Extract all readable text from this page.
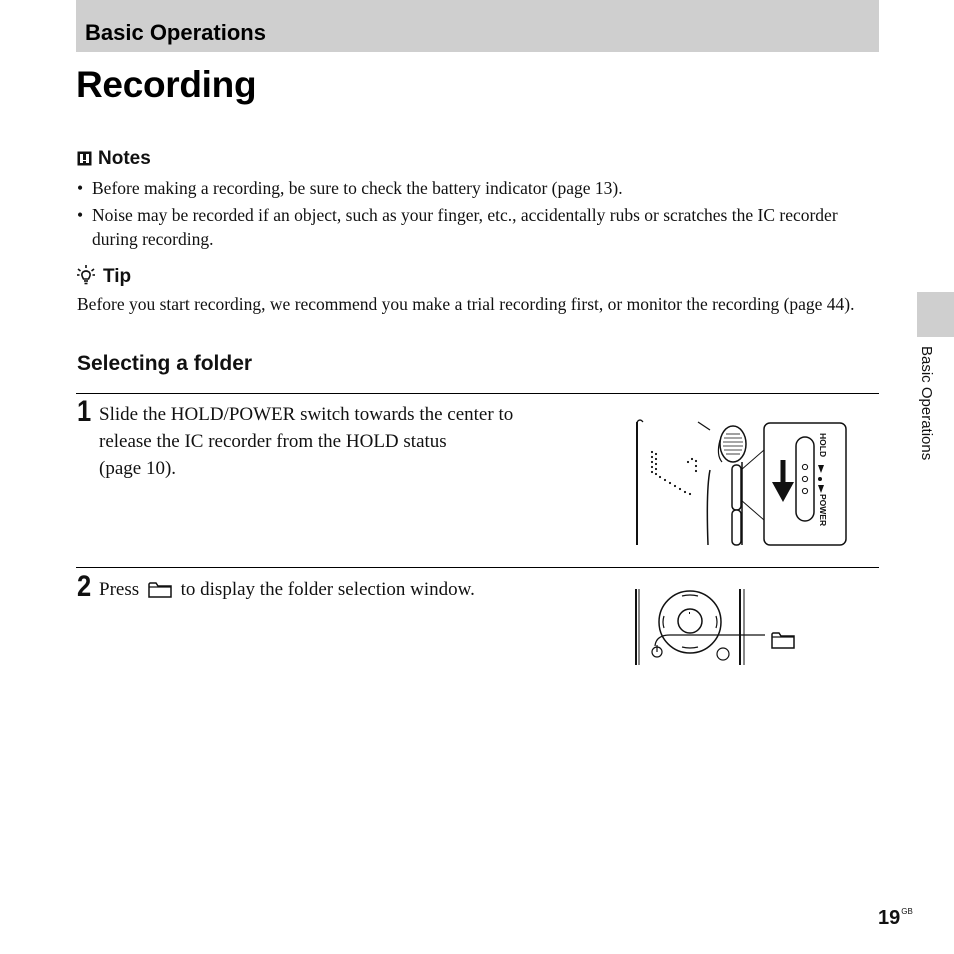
Basic Operations
Recording
Notes
• Before making a recording, be sure to check the battery indicator (page 13).
• Noise may be recorded if an object, such as your finger, etc., accidentally rubs or scratches the IC recorder during recording.
Tip
Before you start recording, we recommend you make a trial recording first, or monitor the recording (page 44).
Selecting a folder
1 Slide the HOLD/POWER switch towards the center to
release the IC recorder from the HOLD status
(page 10).
HOLD
POWER
2 Press to display the folder selection window.
Basic Operations
$19^{GB}$
